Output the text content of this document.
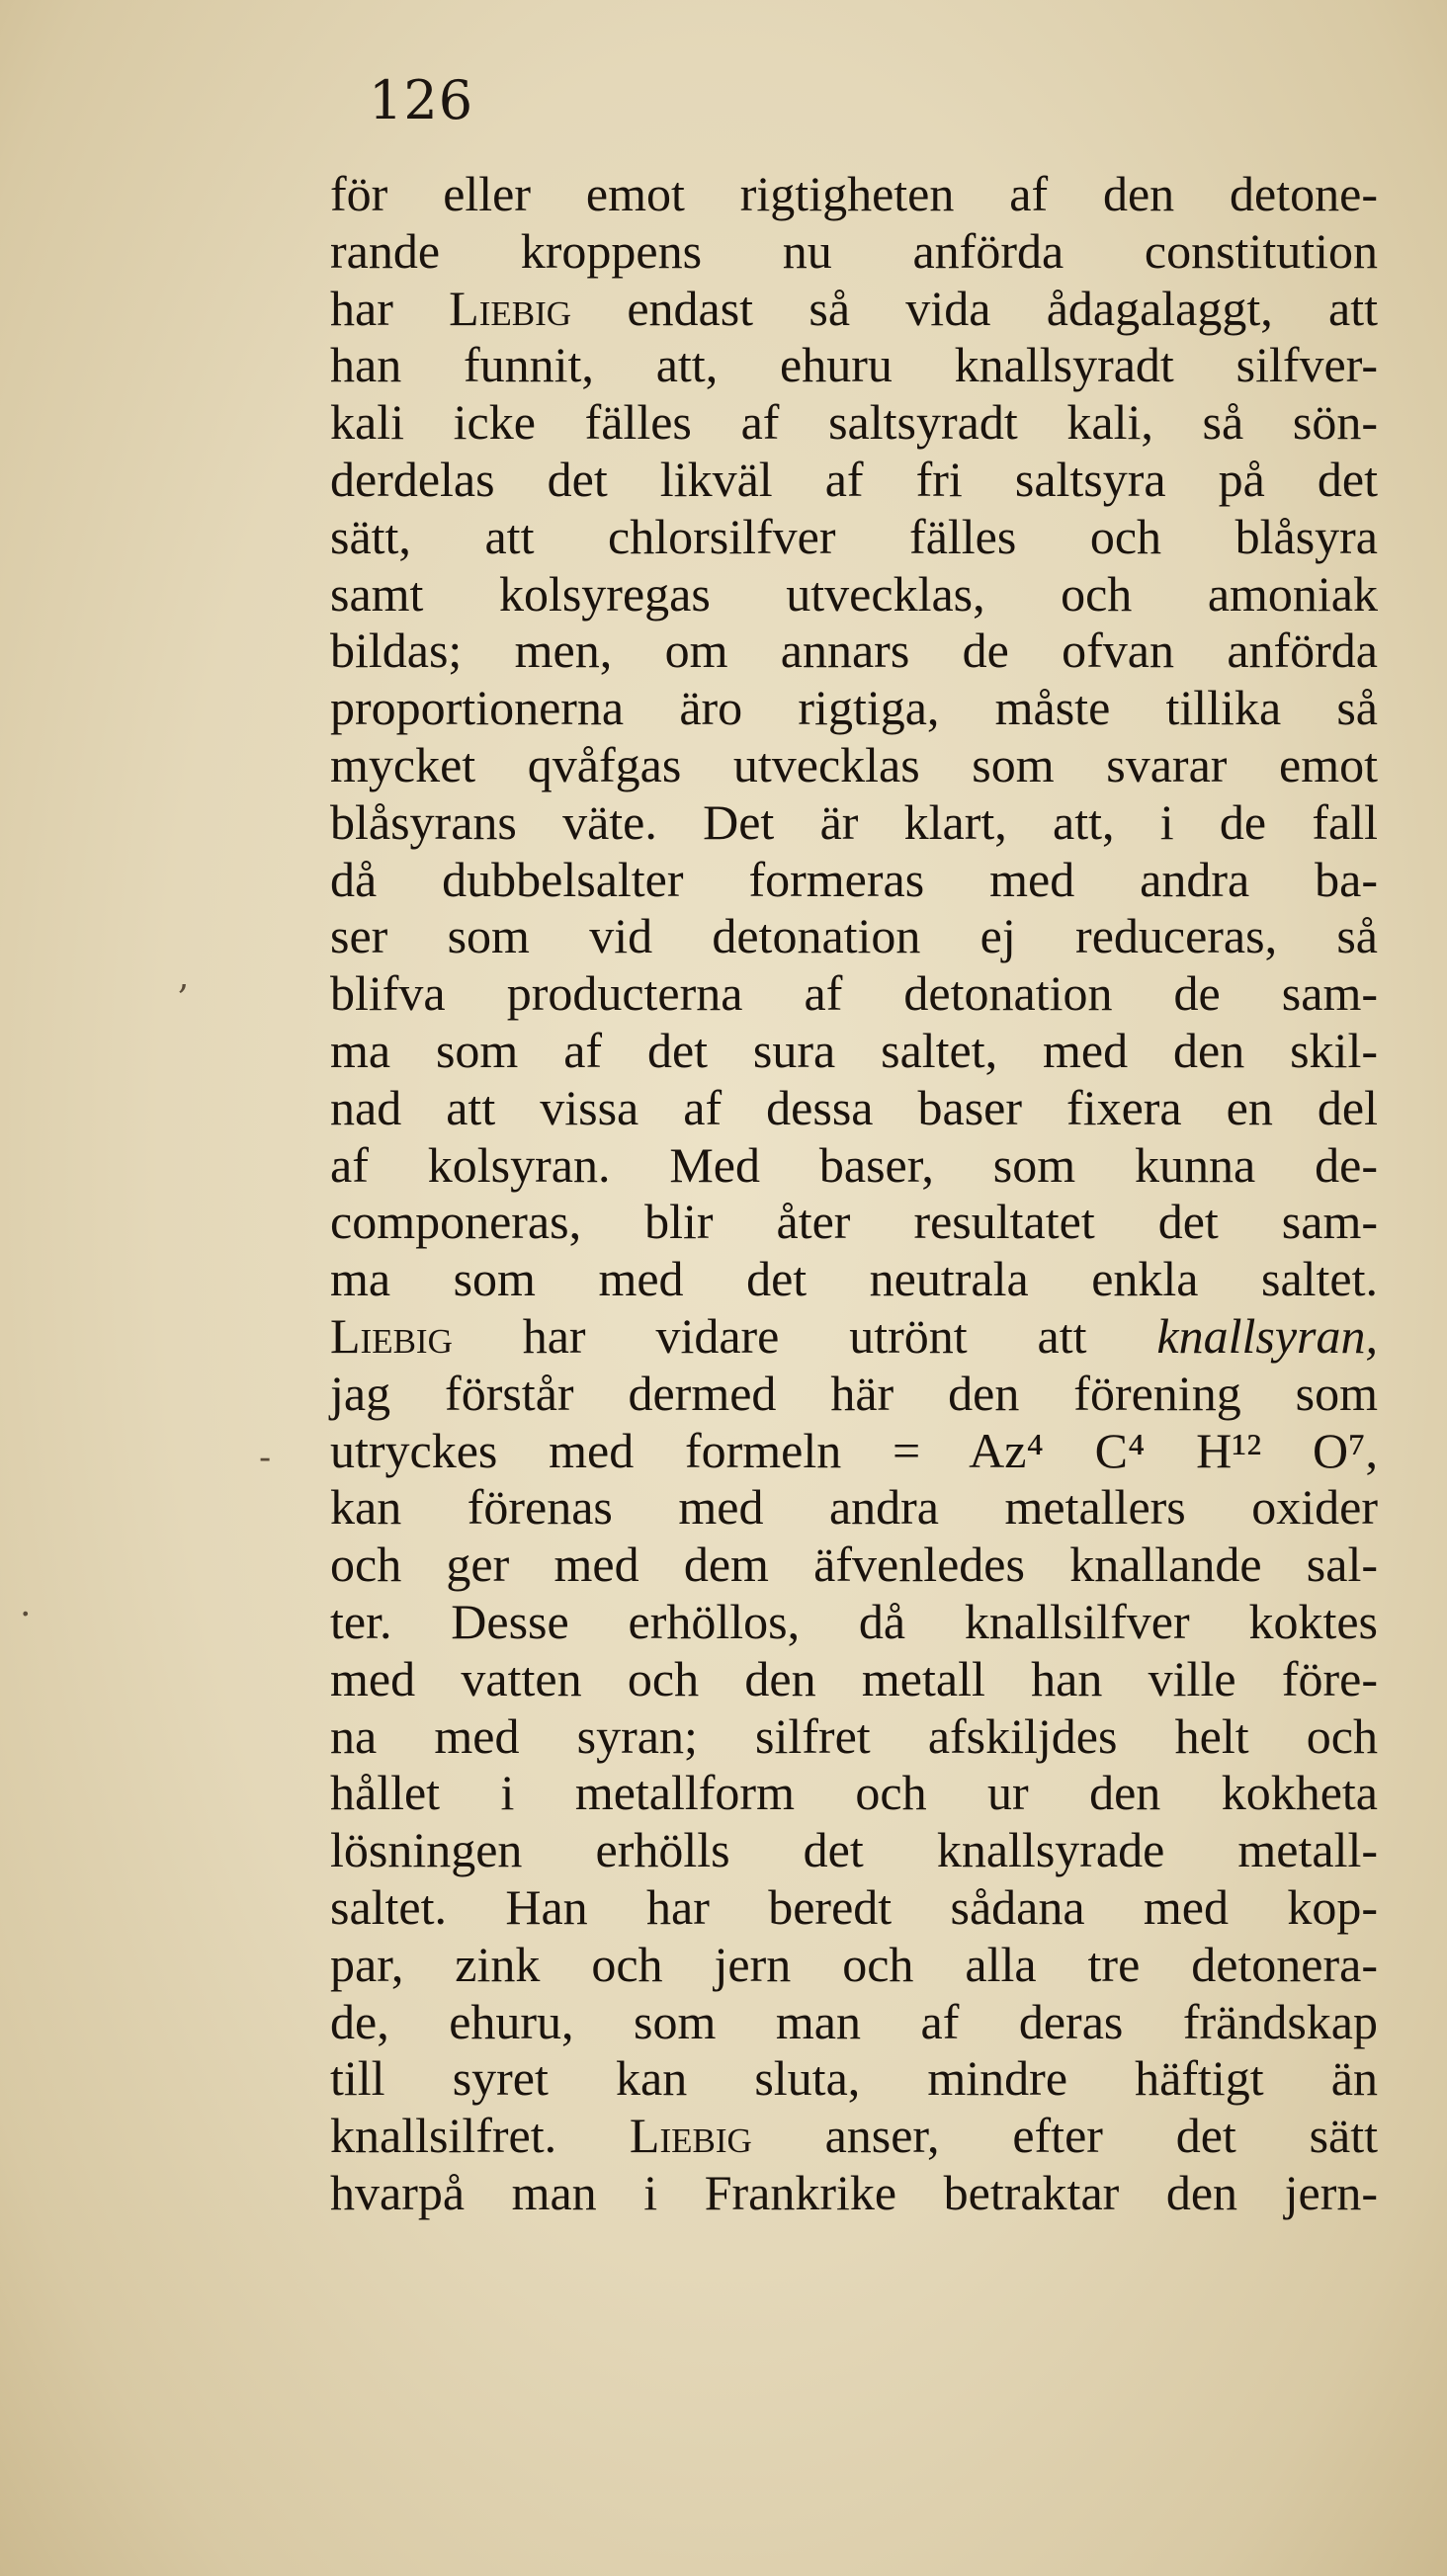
126
,
-
.
för eller emot rigtigheten af den detone-
rande kroppens nu anförda constitution
har Liebig endast så vida ådagalaggt, att
han funnit, att, ehuru knallsyradt silfver-
kali icke fälles af saltsyradt kali, så sön-
derdelas det likväl af fri saltsyra på det
sätt, att chlorsilfver fälles och blåsyra
samt kolsyregas utvecklas, och amoniak
bildas; men, om annars de ofvan anförda
proportionerna äro rigtiga, måste tillika så
mycket qvåfgas utvecklas som svarar emot
blåsyrans väte. Det är klart, att, i de fall
då dubbelsalter formeras med andra ba-
ser som vid detonation ej reduceras, så
blifva producterna af detonation de sam-
ma som af det sura saltet, med den skil-
nad att vissa af dessa baser fixera en del
af kolsyran. Med baser, som kunna de-
componeras, blir åter resultatet det sam-
ma som med det neutrala enkla saltet.
Liebig har vidare utrönt att knallsyran,
jag förstår dermed här den förening som
utryckes med formeln = Az⁴ C⁴ H¹² O⁷,
kan förenas med andra metallers oxider
och ger med dem äfvenledes knallande sal-
ter. Desse erhöllos, då knallsilfver koktes
med vatten och den metall han ville före-
na med syran; silfret afskiljdes helt och
hållet i metallform och ur den kokheta
lösningen erhölls det knallsyrade metall-
saltet. Han har beredt sådana med kop-
par, zink och jern och alla tre detonera-
de, ehuru, som man af deras frändskap
till syret kan sluta, mindre häftigt än
knallsilfret. Liebig anser, efter det sätt
hvarpå man i Frankrike betraktar den jern-
